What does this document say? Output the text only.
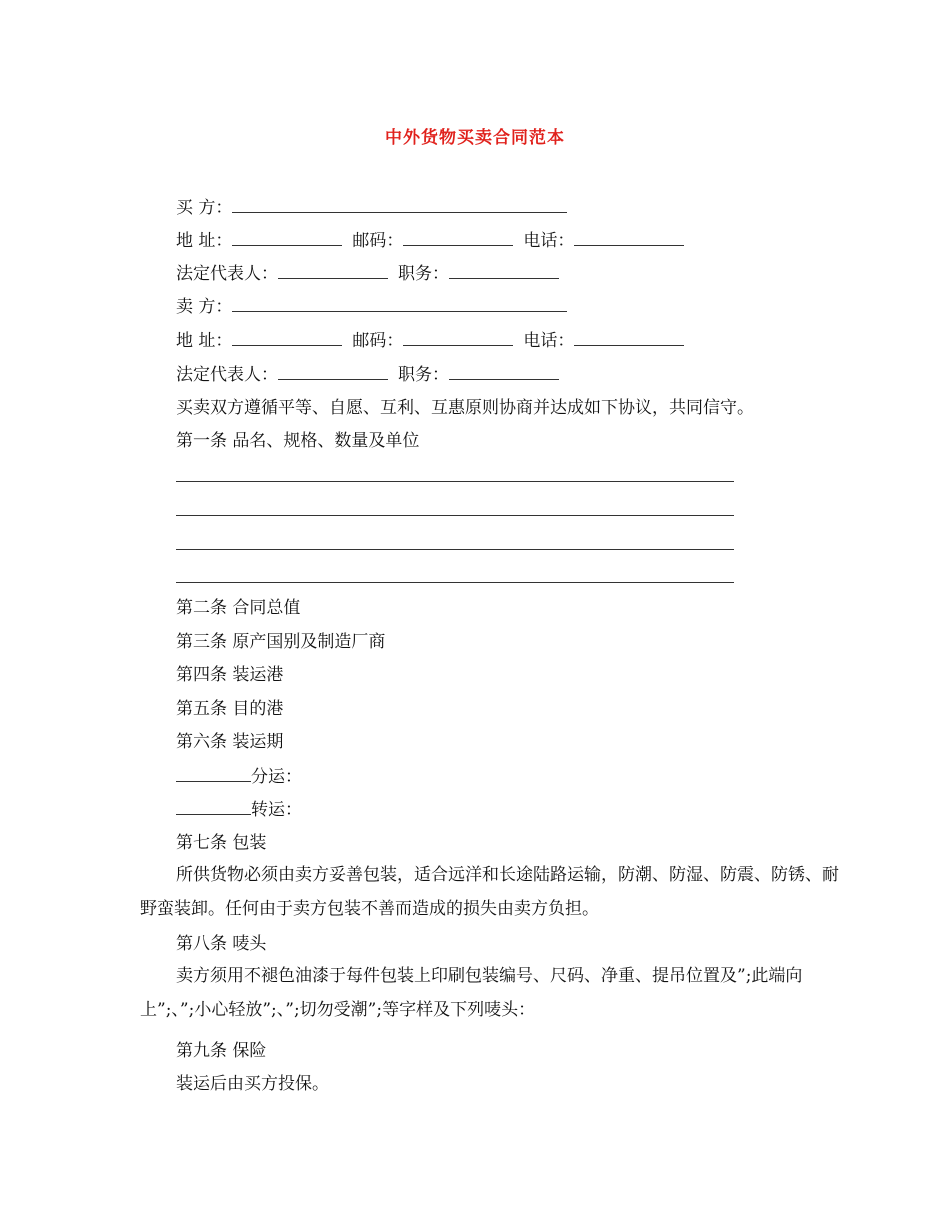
中外货物买卖合同范本
买 方：
地 址：	邮码：	电话：
法定代表人：	职务：
卖 方：
地 址：	邮码：	电话：
法定代表人：	职务：
买卖双方遵循平等、自愿、互利、互惠原则协商并达成如下协议，共同信守。
第一条 品名、规格、数量及单位
第二条 合同总值
第三条 原产国别及制造厂商
第四条 装运港
第五条 目的港
第六条 装运期
分运：
转运：
第七条 包装
所供货物必须由卖方妥善包装，适合远洋和长途陆路运输，防潮、防湿、防震、防锈、耐野蛮装卸。任何由于卖方包装不善而造成的损失由卖方负担。
第八条 唛头
卖方须用不褪色油漆于每件包装上印刷包装编号、尺码、净重、提吊位置及”;此端向上”;、”;小心轻放”;、”;切勿受潮”;等字样及下列唛头：
第九条 保险
装运后由买方投保。
